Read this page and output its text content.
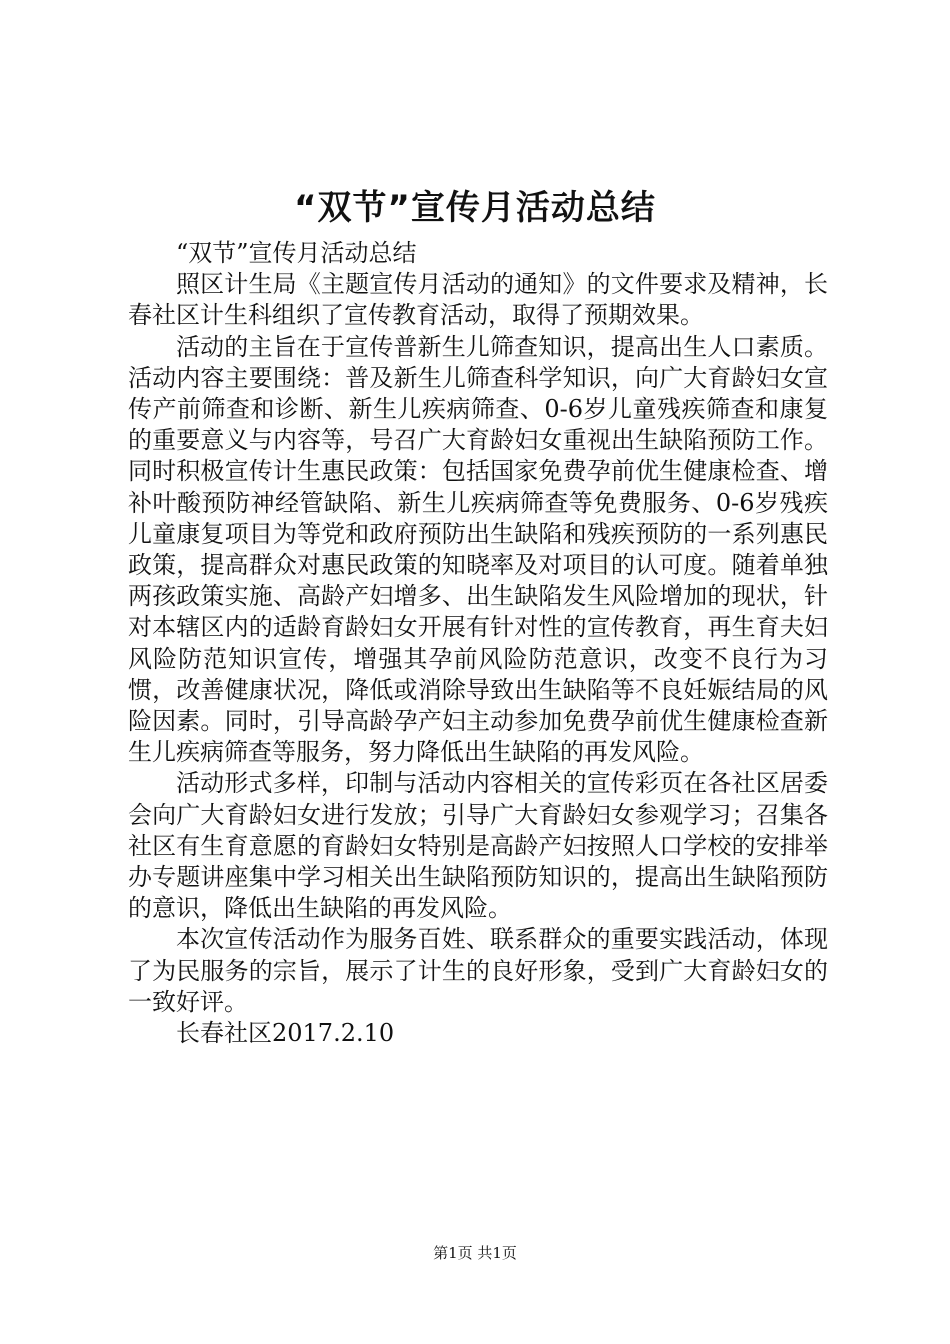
“双节”宣传月活动总结

“双节”宣传月活动总结

照区计生局《主题宣传月活动的通知》的文件要求及精神，长春社区计生科组织了宣传教育活动，取得了预期效果。

活动的主旨在于宣传普新生儿筛查知识，提高出生人口素质。活动内容主要围绕：普及新生儿筛查科学知识，向广大育龄妇女宣传产前筛查和诊断、新生儿疾病筛查、0-6岁儿童残疾筛查和康复的重要意义与内容等，号召广大育龄妇女重视出生缺陷预防工作。同时积极宣传计生惠民政策：包括国家免费孕前优生健康检查、增补叶酸预防神经管缺陷、新生儿疾病筛查等免费服务、0-6岁残疾儿童康复项目为等党和政府预防出生缺陷和残疾预防的一系列惠民政策，提高群众对惠民政策的知晓率及对项目的认可度。随着单独两孩政策实施、高龄产妇增多、出生缺陷发生风险增加的现状，针对本辖区内的适龄育龄妇女开展有针对性的宣传教育，再生育夫妇风险防范知识宣传，增强其孕前风险防范意识，改变不良行为习惯，改善健康状况，降低或消除导致出生缺陷等不良妊娠结局的风险因素。同时，引导高龄孕产妇主动参加免费孕前优生健康检查新生儿疾病筛查等服务，努力降低出生缺陷的再发风险。

活动形式多样，印制与活动内容相关的宣传彩页在各社区居委会向广大育龄妇女进行发放；引导广大育龄妇女参观学习；召集各社区有生育意愿的育龄妇女特别是高龄产妇按照人口学校的安排举办专题讲座集中学习相关出生缺陷预防知识的，提高出生缺陷预防的意识，降低出生缺陷的再发风险。

本次宣传活动作为服务百姓、联系群众的重要实践活动，体现了为民服务的宗旨，展示了计生的良好形象，受到广大育龄妇女的一致好评。

长春社区2017.2.10

第1页 共1页
